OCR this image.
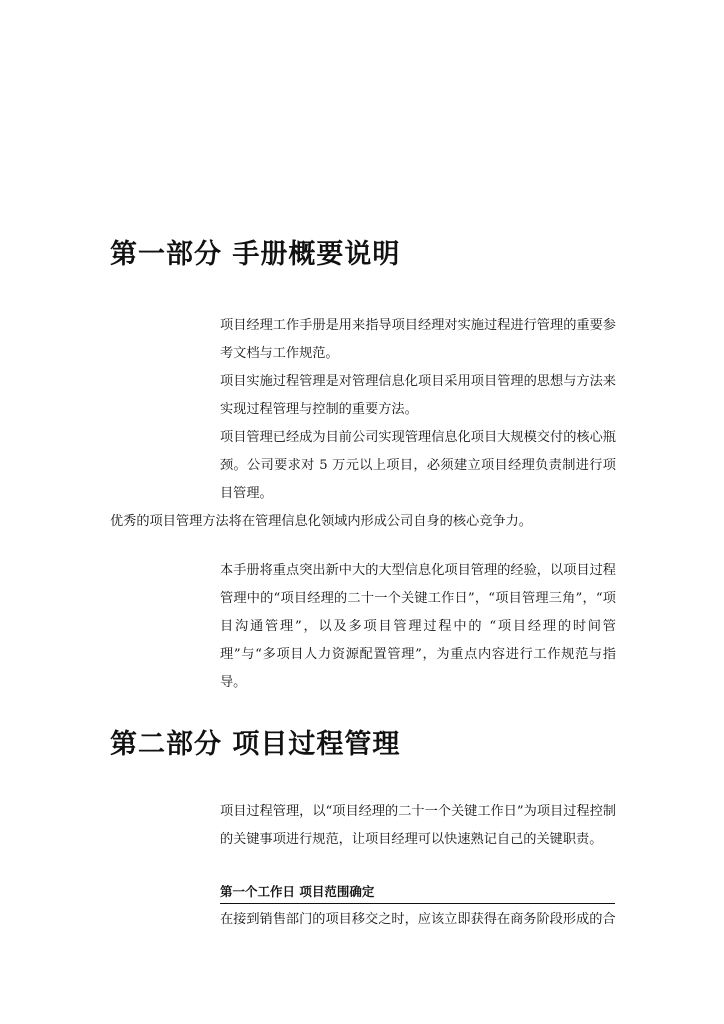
第一部分 手册概要说明
项目经理工作手册是用来指导项目经理对实施过程进行管理的重要参考文档与工作规范。
项目实施过程管理是对管理信息化项目采用项目管理的思想与方法来实现过程管理与控制的重要方法。
项目管理已经成为目前公司实现管理信息化项目大规模交付的核心瓶颈。公司要求对 5 万元以上项目，必须建立项目经理负责制进行项目管理。
优秀的项目管理方法将在管理信息化领域内形成公司自身的核心竞争力。
本手册将重点突出新中大的大型信息化项目管理的经验，以项目过程管理中的“项目经理的二十一个关键工作日”，“项目管理三角”，“项目沟通管理”，以及多项目管理过程中的 “项目经理的时间管理”与“多项目人力资源配置管理”，为重点内容进行工作规范与指导。
第二部分 项目过程管理
项目过程管理，以“项目经理的二十一个关键工作日”为项目过程控制的关键事项进行规范，让项目经理可以快速熟记自己的关键职责。
第一个工作日 项目范围确定
在接到销售部门的项目移交之时，应该立即获得在商务阶段形成的合
